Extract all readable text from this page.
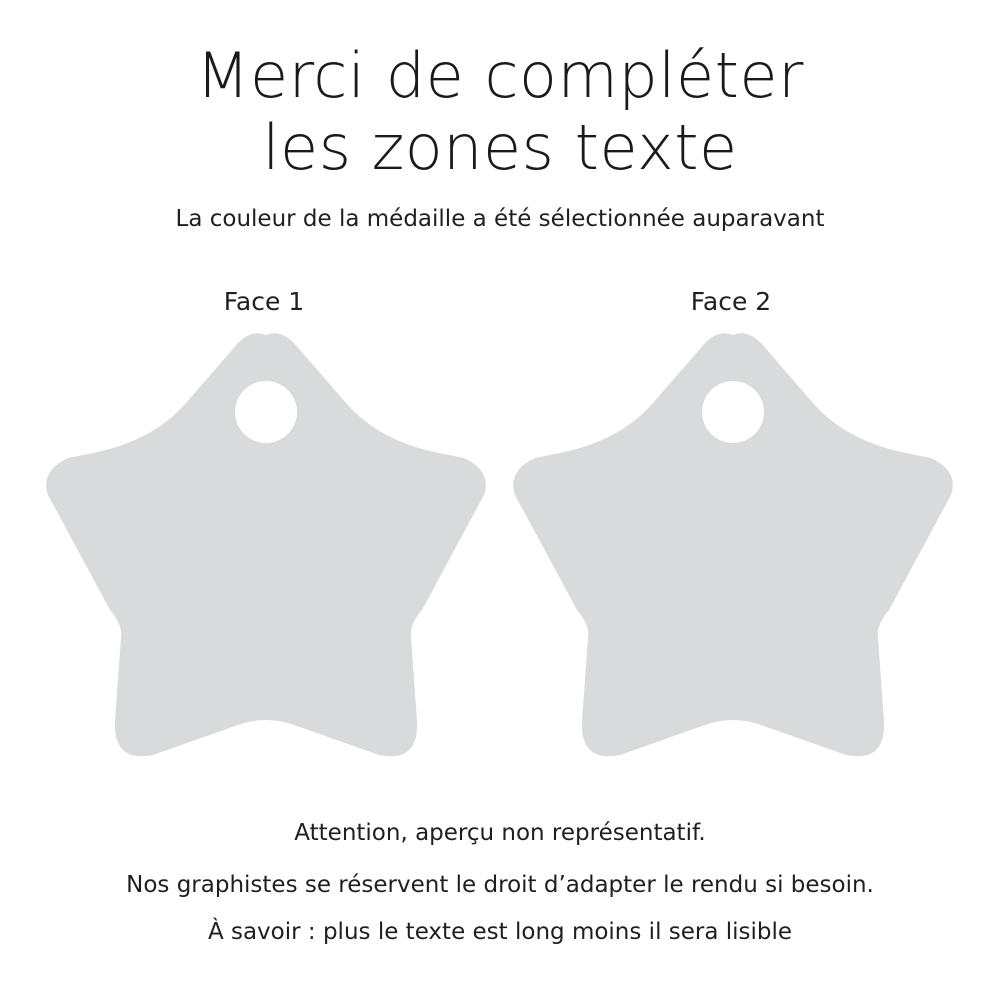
Merci de compléter
les zones texte
La couleur de la médaille a été sélectionnée auparavant
Face 1	Face 2
Attention, aperçu non représentatif.
Nos graphistes se réservent le droit d’adapter le rendu si besoin.
À savoir : plus le texte est long moins il sera lisible
